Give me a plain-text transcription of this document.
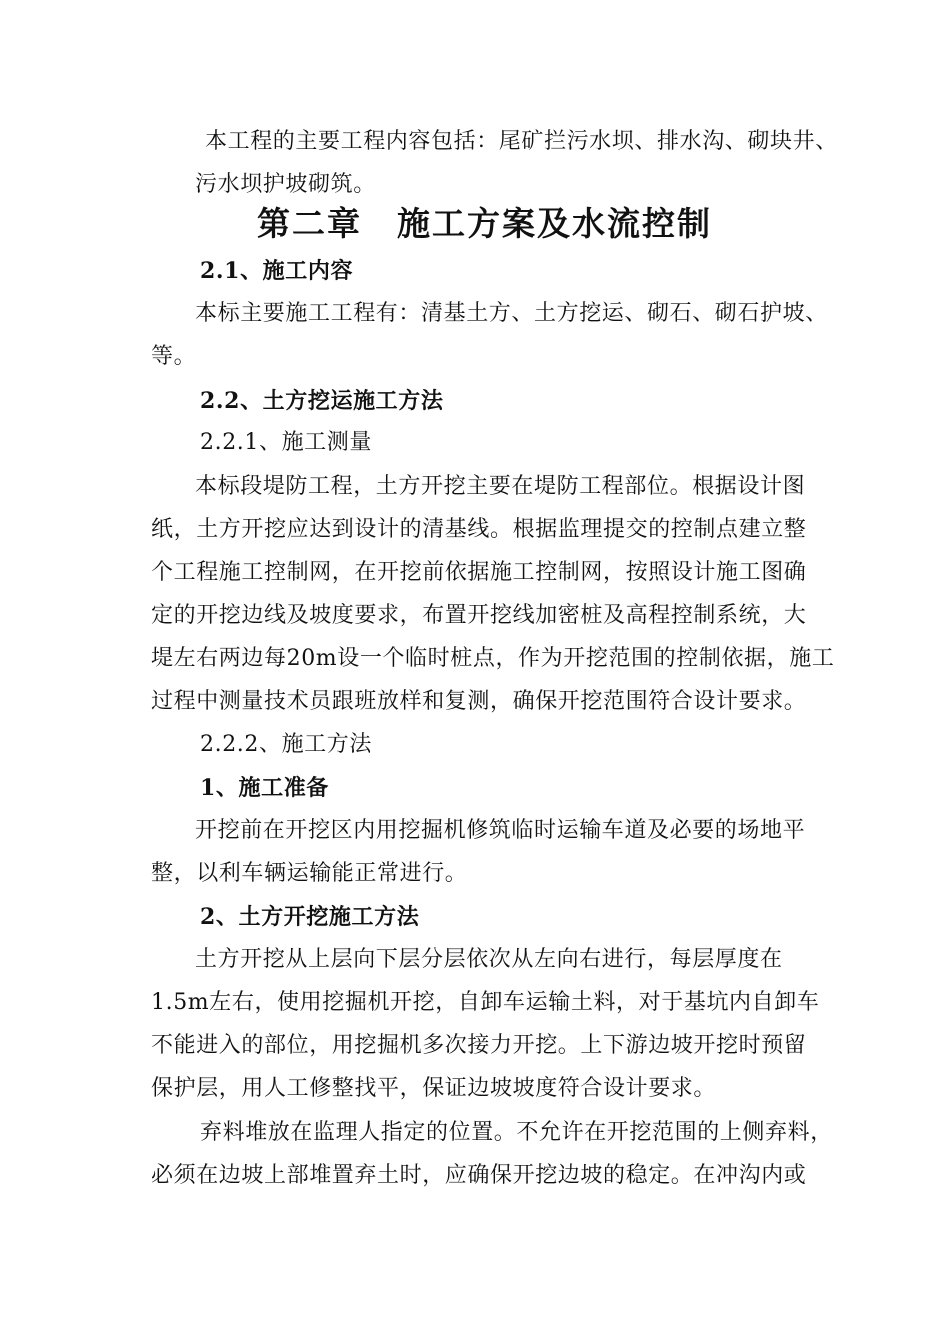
本工程的主要工程内容包括：尾矿拦污水坝、排水沟、砌块井、
污水坝护坡砌筑。
第二章　施工方案及水流控制
2.1、施工内容
本标主要施工工程有：清基土方、土方挖运、砌石、砌石护坡、
等。
2.2、土方挖运施工方法
2.2.1、施工测量
本标段堤防工程，土方开挖主要在堤防工程部位。根据设计图
纸，土方开挖应达到设计的清基线。根据监理提交的控制点建立整
个工程施工控制网，在开挖前依据施工控制网，按照设计施工图确
定的开挖边线及坡度要求，布置开挖线加密桩及高程控制系统，大
堤左右两边每20m设一个临时桩点，作为开挖范围的控制依据，施工
过程中测量技术员跟班放样和复测，确保开挖范围符合设计要求。
2.2.2、施工方法
1、施工准备
开挖前在开挖区内用挖掘机修筑临时运输车道及必要的场地平
整，以利车辆运输能正常进行。
2、土方开挖施工方法
土方开挖从上层向下层分层依次从左向右进行，每层厚度在
1.5m左右，使用挖掘机开挖，自卸车运输土料，对于基坑内自卸车
不能进入的部位，用挖掘机多次接力开挖。上下游边坡开挖时预留
保护层，用人工修整找平，保证边坡坡度符合设计要求。
弃料堆放在监理人指定的位置。不允许在开挖范围的上侧弃料，
必须在边坡上部堆置弃土时，应确保开挖边坡的稳定。在冲沟内或
